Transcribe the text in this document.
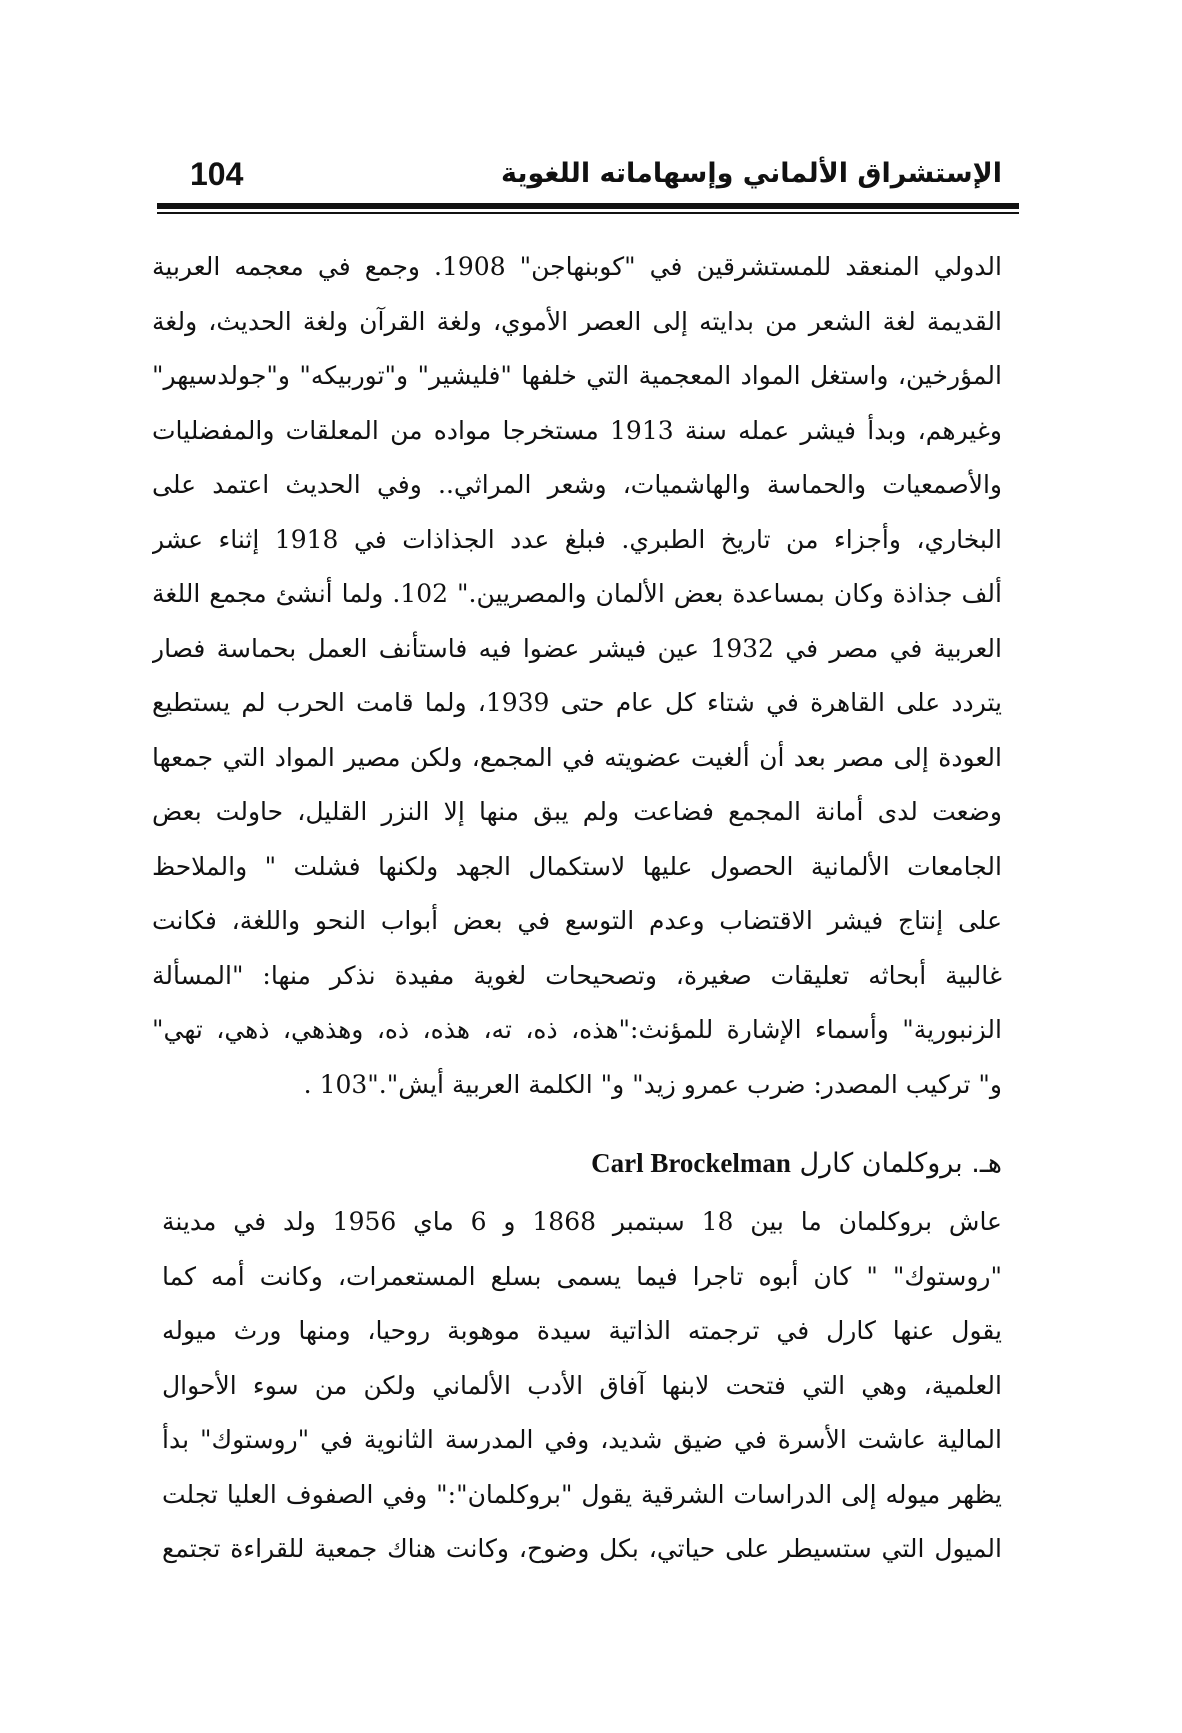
الإستشراق الألماني وإسهاماته اللغوية
104
الدولي المنعقد للمستشرقين في "كوبنهاجن" 1908. وجمع في معجمه العربية
القديمة لغة الشعر من بدايته إلى العصر الأموي، ولغة القرآن ولغة الحديث، ولغة
المؤرخين، واستغل المواد المعجمية التي خلفها "فليشير" و"توربيكه" و"جولدسيهر"
وغيرهم، وبدأ فيشر عمله سنة 1913 مستخرجا مواده من المعلقات والمفضليات
والأصمعيات والحماسة والهاشميات، وشعر المراثي.. وفي الحديث اعتمد على
البخاري، وأجزاء من تاريخ الطبري. فبلغ عدد الجذاذات في 1918 إثناء عشر
ألف جذاذة وكان بمساعدة بعض الألمان والمصريين." 102. ولما أنشئ مجمع اللغة
العربية في مصر في 1932 عين فيشر عضوا فيه فاستأنف العمل بحماسة فصار
يتردد على القاهرة في شتاء كل عام حتى 1939، ولما قامت الحرب لم يستطيع
العودة إلى مصر بعد أن ألغيت عضويته في المجمع، ولكن مصير المواد التي جمعها
وضعت لدى أمانة المجمع فضاعت ولم يبق منها إلا النزر القليل، حاولت بعض
الجامعات الألمانية الحصول عليها لاستكمال الجهد ولكنها فشلت " والملاحظ
على إنتاج فيشر الاقتضاب وعدم التوسع في بعض أبواب النحو واللغة، فكانت
غالبية أبحاثه تعليقات صغيرة، وتصحيحات لغوية مفيدة نذكر منها: "المسألة
الزنبورية" وأسماء الإشارة للمؤنث:"هذه، ذه، ته، هذه، ذه، وهذهي، ذهي، تهي"
و" تركيب المصدر: ضرب عمرو زيد" و" الكلمة العربية أيش"."103 .
هـ. بروكلمان كارل Carl Brockelman
عاش بروكلمان ما بين 18 سبتمبر 1868 و 6 ماي 1956 ولد في مدينة
"روستوك" " كان أبوه تاجرا فيما يسمى بسلع المستعمرات، وكانت أمه كما
يقول عنها كارل في ترجمته الذاتية سيدة موهوبة روحيا، ومنها ورث ميوله
العلمية، وهي التي فتحت لابنها آفاق الأدب الألماني ولكن من سوء الأحوال
المالية عاشت الأسرة في ضيق شديد، وفي المدرسة الثانوية في "روستوك" بدأ
يظهر ميوله إلى الدراسات الشرقية يقول "بروكلمان":" وفي الصفوف العليا تجلت
الميول التي ستسيطر على حياتي، بكل وضوح، وكانت هناك جمعية للقراءة تجتمع
